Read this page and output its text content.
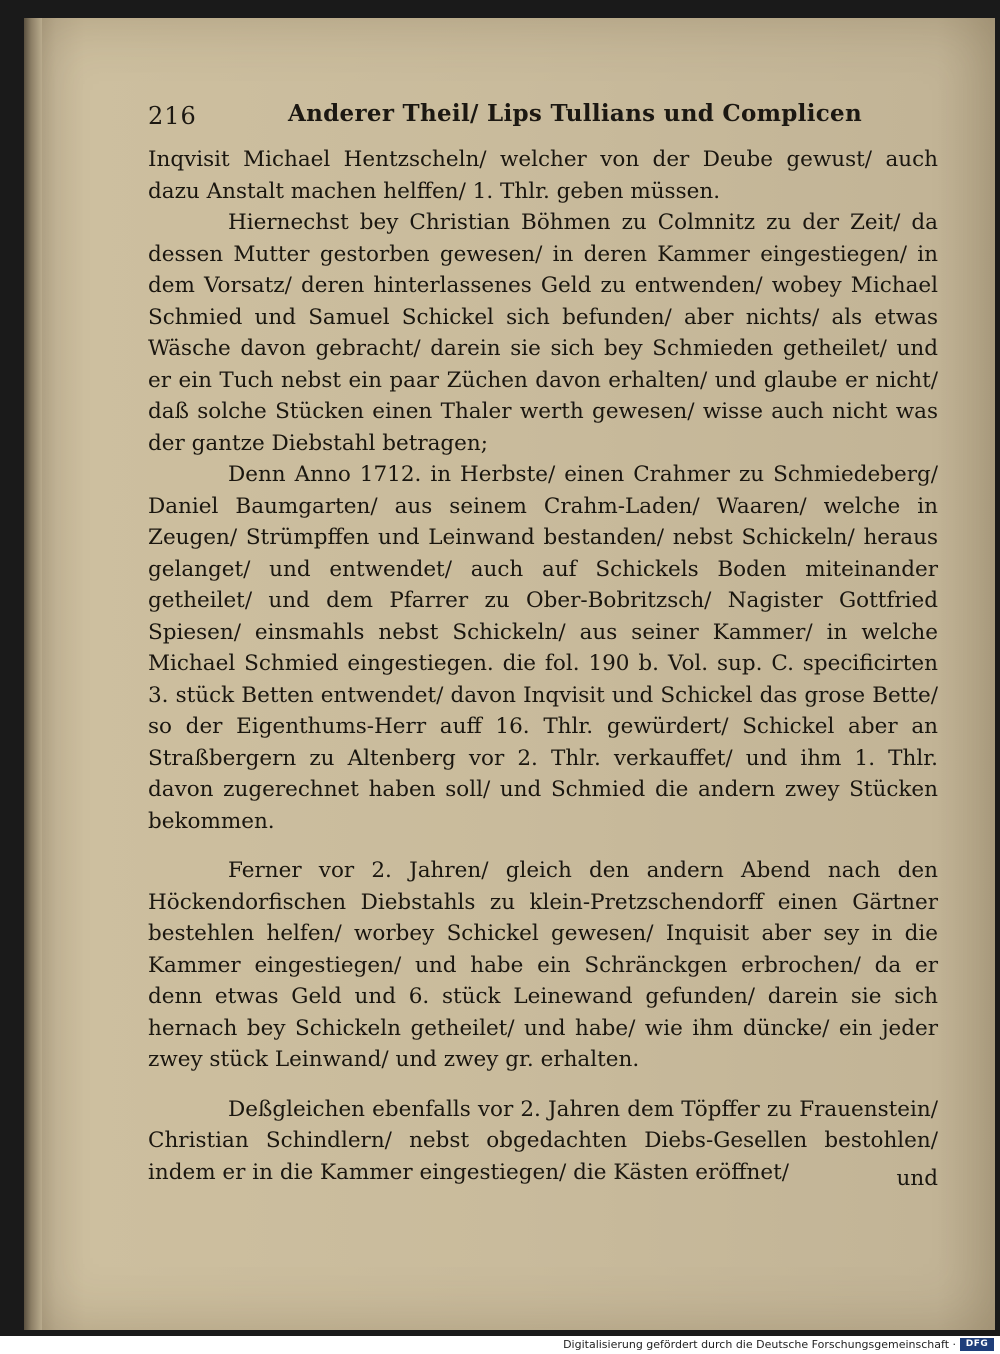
216	Anderer Theil/ Lips Tullians und Complicen

Inqvisit Michael Hentzscheln/ welcher von der Deube gewust/ auch dazu Anstalt machen helffen/ 1. Thlr. geben müssen.

Hiernechst bey Christian Böhmen zu Colmnitz zu der Zeit/ da dessen Mutter gestorben gewesen/ in deren Kammer eingestiegen/ in dem Vorsatz/ deren hinterlassenes Geld zu entwenden/ wobey Michael Schmied und Samuel Schickel sich befunden/ aber nichts/ als etwas Wäsche davon gebracht/ darein sie sich bey Schmieden getheilet/ und er ein Tuch nebst ein paar Züchen davon erhalten/ und glaube er nicht/ daß solche Stücken einen Thaler werth gewesen/ wisse auch nicht was der gantze Diebstahl betragen;

Denn Anno 1712. in Herbste/ einen Crahmer zu Schmiedeberg/ Daniel Baumgarten/ aus seinem Crahm-Laden/ Waaren/ welche in Zeugen/ Strümpffen und Leinwand bestanden/ nebst Schickeln/ heraus gelanget/ und entwendet/ auch auf Schickels Boden miteinander getheilet/ und dem Pfarrer zu Ober-Bobritzsch/ Nagister Gottfried Spiesen/ einsmahls nebst Schickeln/ aus seiner Kammer/ in welche Michael Schmied eingestiegen. die fol. 190 b. Vol. sup. C. specificirten 3. stück Betten entwendet/ davon Inqvisit und Schickel das grose Bette/ so der Eigenthums-Herr auff 16. Thlr. gewürdert/ Schickel aber an Straßbergern zu Altenberg vor 2. Thlr. verkauffet/ und ihm 1. Thlr. davon zugerechnet haben soll/ und Schmied die andern zwey Stücken bekommen.

Ferner vor 2. Jahren/ gleich den andern Abend nach den Höckendorfischen Diebstahls zu klein-Pretzschendorff einen Gärtner bestehlen helfen/ worbey Schickel gewesen/ Inquisit aber sey in die Kammer eingestiegen/ und habe ein Schränckgen erbrochen/ da er denn etwas Geld und 6. stück Leinewand gefunden/ darein sie sich hernach bey Schickeln getheilet/ und habe/ wie ihm düncke/ ein jeder zwey stück Leinwand/ und zwey gr. erhalten.

Deßgleichen ebenfalls vor 2. Jahren dem Töpffer zu Frauenstein/ Christian Schindlern/ nebst obgedachten Diebs-Gesellen bestohlen/ indem er in die Kammer eingestiegen/ die Kästen eröffnet/	und
Digitalisierung gefördert durch die Deutsche Forschungsgemeinschaft ·	DFG
